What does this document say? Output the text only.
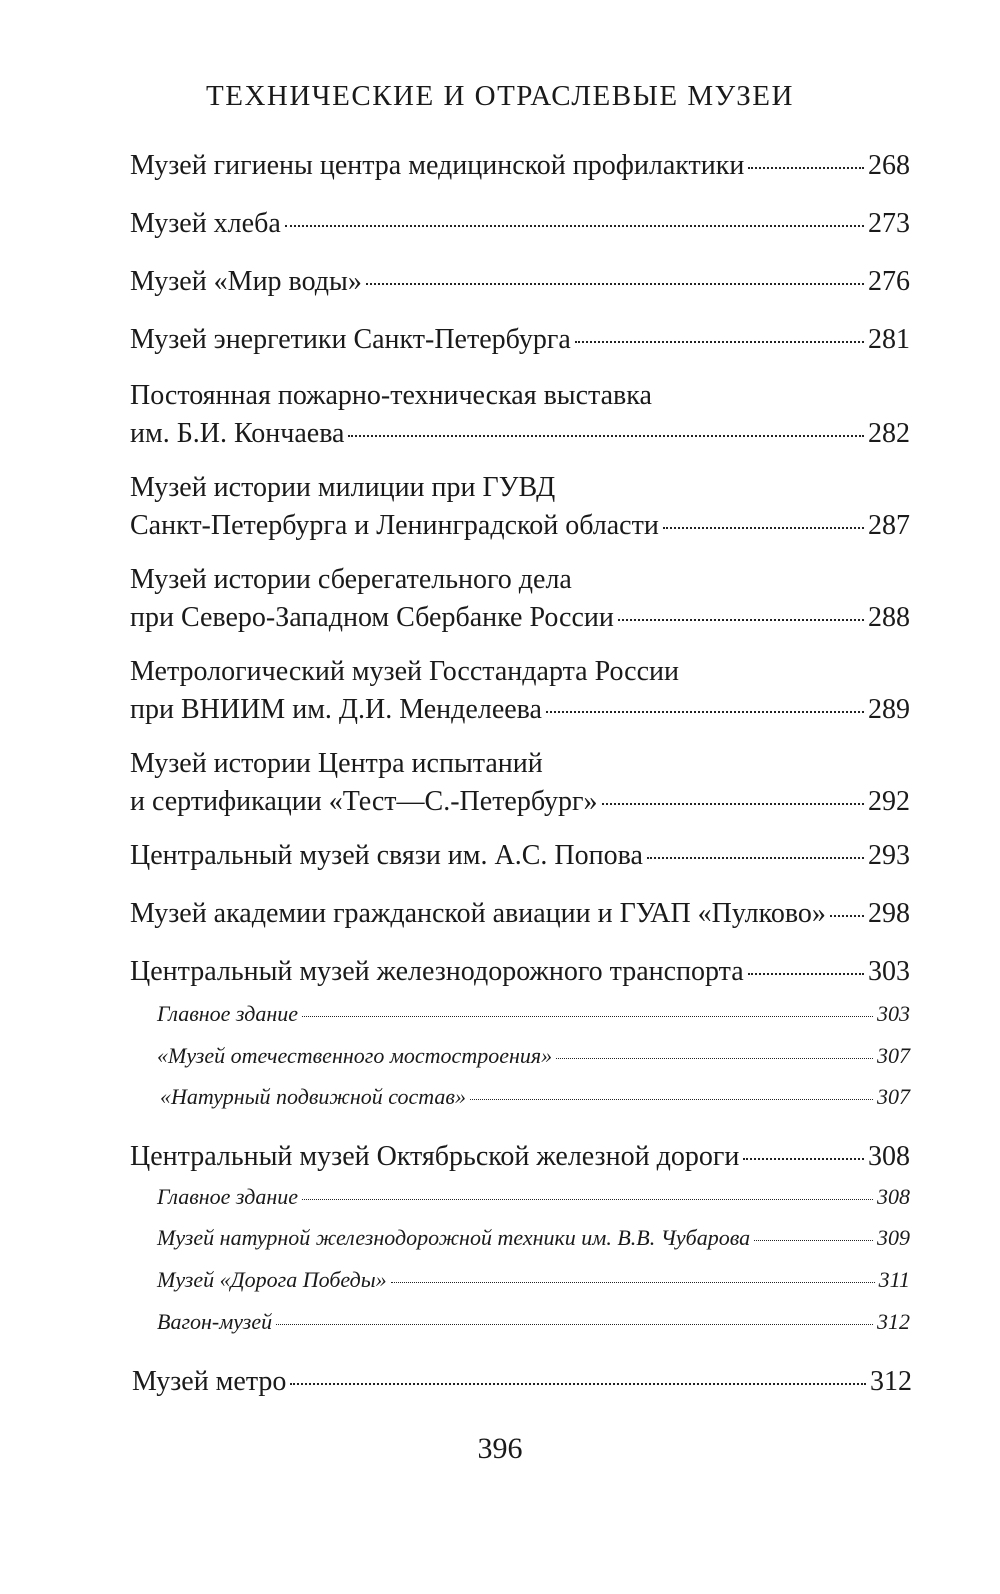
ТЕХНИЧЕСКИЕ И ОТРАСЛЕВЫЕ МУЗЕИ
Музей гигиены центра медицинской профилактики	268
Музей хлеба	273
Музей «Мир воды»	276
Музей энергетики Санкт-Петербурга	281
Постоянная пожарно-техническая выставка
им. Б.И. Кончаева	282
Музей истории милиции при ГУВД
Санкт-Петербурга и Ленинградской области	287
Музей истории сберегательного дела
при Северо-Западном Сбербанке России	288
Метрологический музей Госстандарта России
при ВНИИМ им. Д.И. Менделеева	289
Музей истории Центра испытаний
и сертификации «Тест—С.-Петербург»	292
Центральный музей связи им. А.С. Попова	293
Музей академии гражданской авиации и ГУАП «Пулково» 298
Центральный музей железнодорожного транспорта	303
Главное здание	303
«Музей отечественного мостостроения»	307
«Натурный подвижной состав»	307
Центральный музей Октябрьской железной дороги	308
Главное здание	308
Музей натурной железнодорожной техники им. В.В. Чубарова	309
Музей «Дорога Победы»	311
Вагон-музей	312
Музей метро	312
396
